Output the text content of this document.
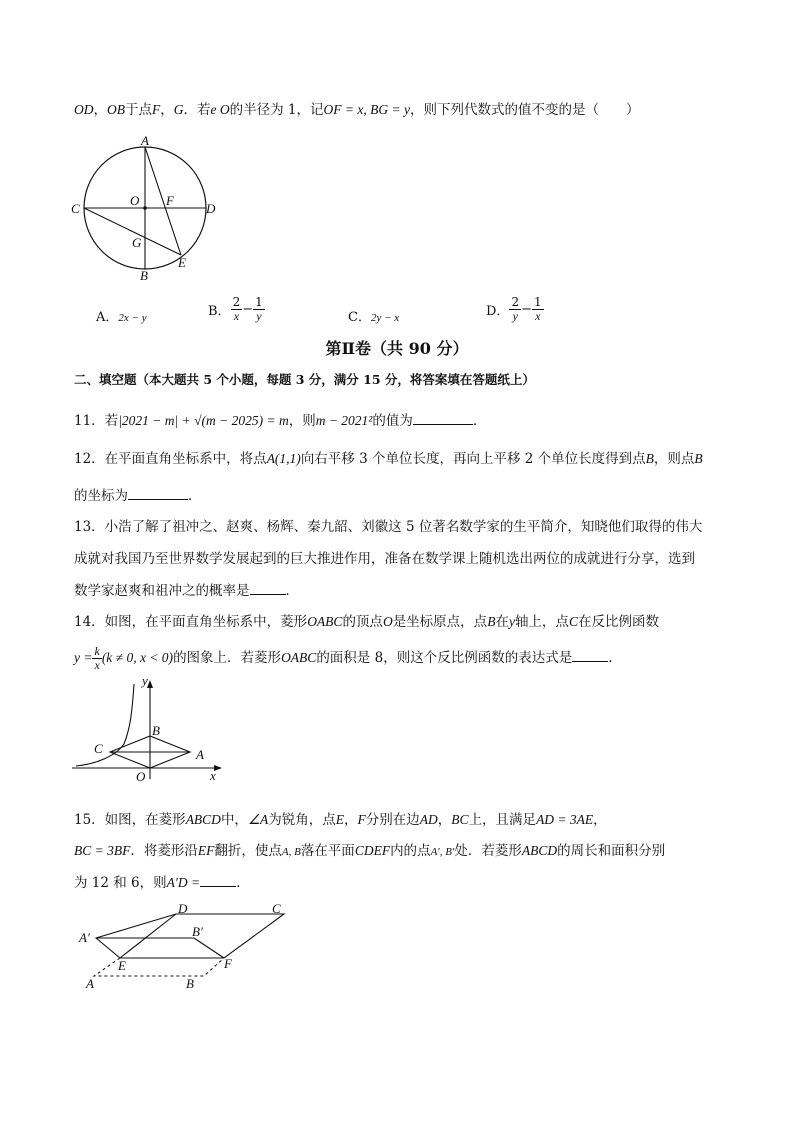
OD，OB于点F，G．若e O的半径为 1，记OF = x, BG = y，则下列代数式的值不变的是（　　）
A
C
O F
D
G
B
E
A．2x − y	B． $\frac{2}{x} - \frac{1}{y}$	C．2y − x	D． $\frac{2}{y} - \frac{1}{x}$
第Ⅱ卷（共 90 分）
二、填空题（本大题共 5 个小题，每题 3 分，满分 15 分，将答案填在答题纸上）
11．若|2021 − m| + √(m − 2025) = m，则m − 2021²的值为	．
12．在平面直角坐标系中，将点A(1,1)向右平移 3 个单位长度，再向上平移 2 个单位长度得到点B，则点B
的坐标为	．
13．小浩了解了祖冲之、赵爽、杨辉、秦九韶、刘徽这 5 位著名数学家的生平简介，知晓他们取得的伟大
成就对我国乃至世界数学发展起到的巨大推进作用，准备在数学课上随机选出两位的成就进行分享，选到
数学家赵爽和祖冲之的概率是	．
14．如图，在平面直角坐标系中，菱形OABC的顶点O是坐标原点，点B在y轴上，点C在反比例函数
$y = \frac{k}{x} (k \ne 0$, x < 0)的图象上．若菱形OABC的面积是 8，则这个反比例函数的表达式是	．
y
x
B
C	A
O
15．如图，在菱形ABCD中，∠A为锐角，点E，F分别在边AD，BC上，且满足AD = 3AE，
BC = 3BF．将菱形沿EF翻折，使点A, B落在平面CDEF内的点A′, B′处．若菱形ABCD的周长和面积分别
为 12 和 6，则A′D =	．
D	C
A′	B′
E	F
A	B
